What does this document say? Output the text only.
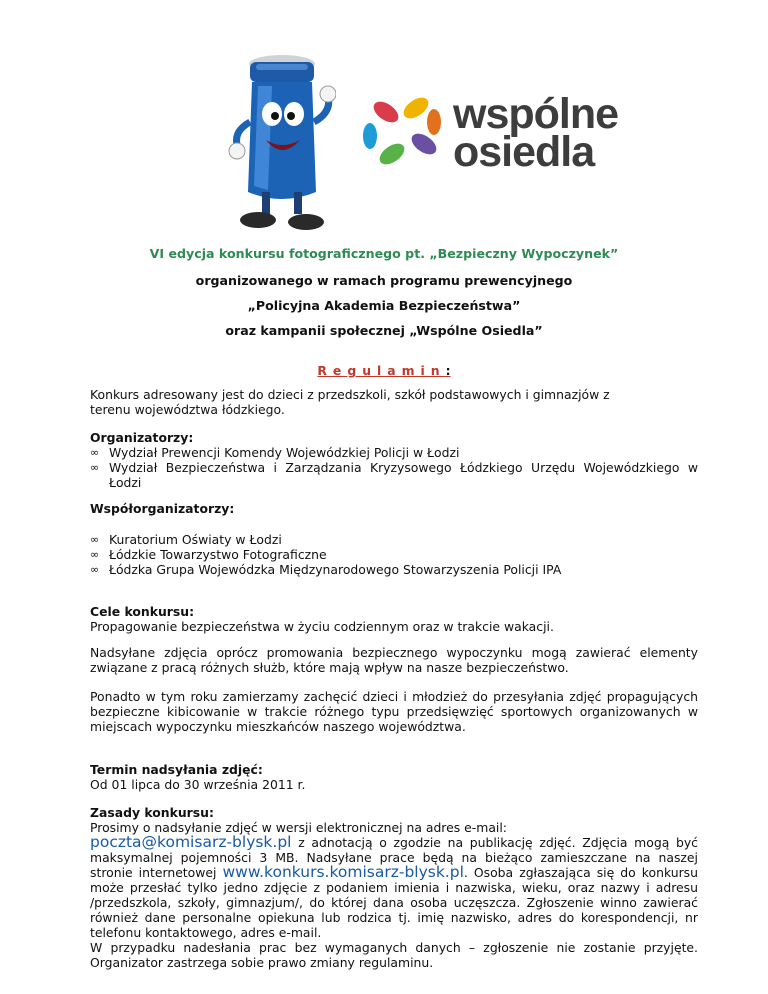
wspólne
osiedla
VI edycja konkursu fotograficznego pt. „Bezpieczny Wypoczynek”
organizowanego w ramach programu prewencyjnego
„Policyjna Akademia Bezpieczeństwa”
oraz kampanii społecznej „Wspólne Osiedla”
Regulamin:
Konkurs adresowany jest do dzieci z przedszkoli, szkół podstawowych i gimnazjów z terenu województwa łódzkiego.
Organizatorzy:
∞ Wydział Prewencji Komendy Wojewódzkiej Policji w Łodzi
∞ Wydział Bezpieczeństwa i Zarządzania Kryzysowego Łódzkiego Urzędu Wojewódzkiego w Łodzi
Współorganizatorzy:
∞ Kuratorium Oświaty w Łodzi
∞ Łódzkie Towarzystwo Fotograficzne
∞ Łódzka Grupa Wojewódzka Międzynarodowego Stowarzyszenia Policji IPA
Cele konkursu:
Propagowanie bezpieczeństwa w życiu codziennym oraz w trakcie wakacji.
Nadsyłane zdjęcia oprócz promowania bezpiecznego wypoczynku mogą zawierać elementy związane z pracą różnych służb, które mają wpływ na nasze bezpieczeństwo.
Ponadto w tym roku zamierzamy zachęcić dzieci i młodzież do przesyłania zdjęć propagujących bezpieczne kibicowanie w trakcie różnego typu przedsięwzięć sportowych organizowanych w miejscach wypoczynku mieszkańców naszego województwa.
Termin nadsyłania zdjęć:
Od 01 lipca do 30 września 2011 r.
Zasady konkursu:
Prosimy o nadsyłanie zdjęć w wersji elektronicznej na adres e-mail:
poczta@komisarz-blysk.pl z adnotacją o zgodzie na publikację zdjęć. Zdjęcia mogą być maksymalnej pojemności 3 MB. Nadsyłane prace będą na bieżąco zamieszczane na naszej stronie internetowej www.konkurs.komisarz-blysk.pl. Osoba zgłaszająca się do konkursu może przesłać tylko jedno zdjęcie z podaniem imienia i nazwiska, wieku, oraz nazwy i adresu /przedszkola, szkoły, gimnazjum/, do której dana osoba uczęszcza. Zgłoszenie winno zawierać również dane personalne opiekuna lub rodzica tj. imię nazwisko, adres do korespondencji, nr telefonu kontaktowego, adres e-mail.
W przypadku nadesłania prac bez wymaganych danych – zgłoszenie nie zostanie przyjęte. Organizator zastrzega sobie prawo zmiany regulaminu.
